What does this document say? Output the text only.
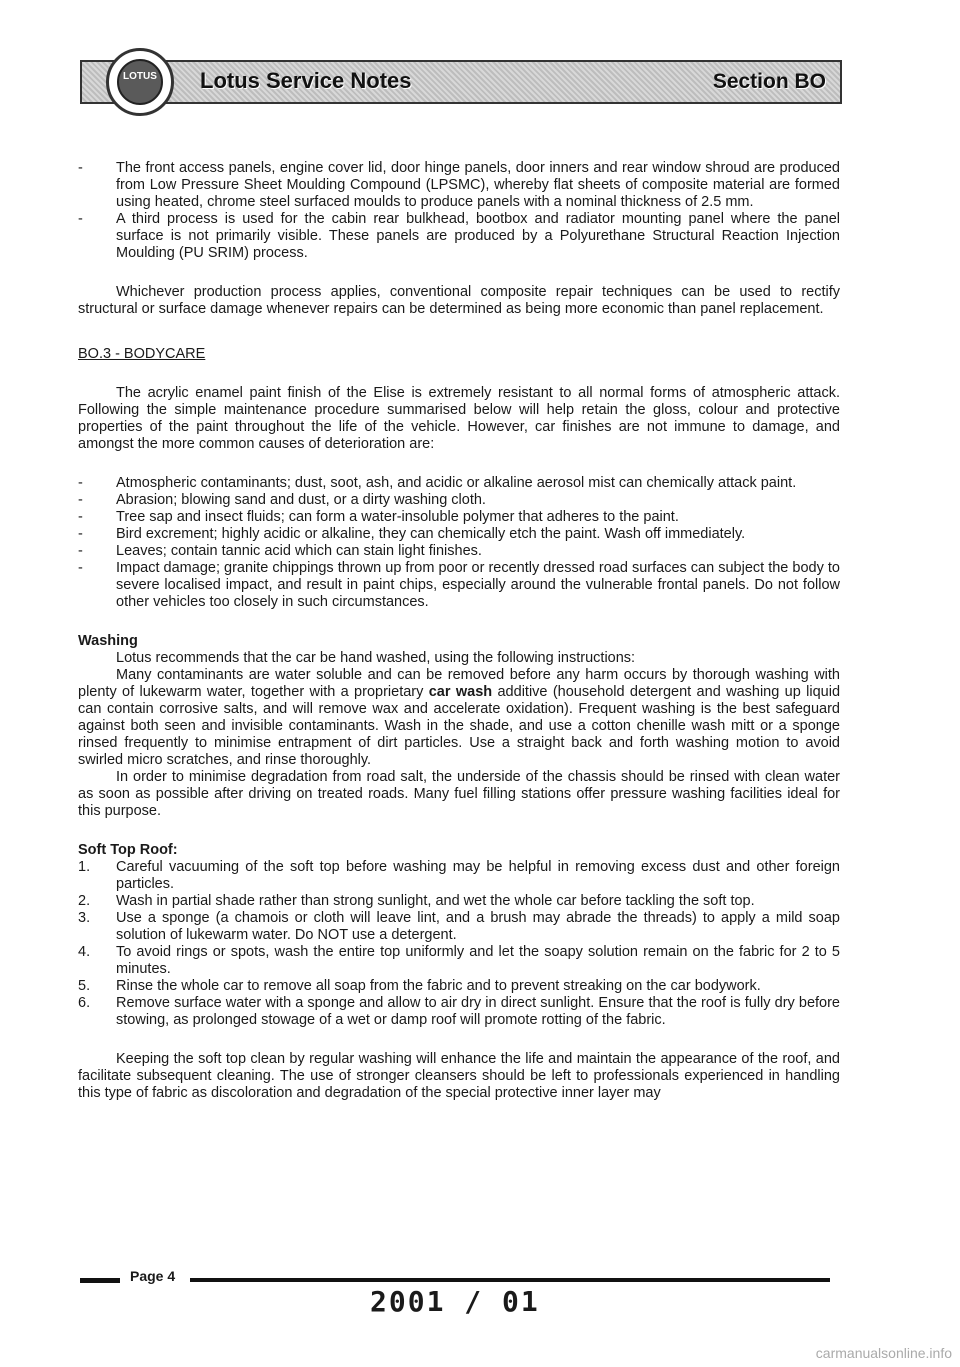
LOTUS Lotus Service Notes	Section BO
-	The front access panels, engine cover lid, door hinge panels, door inners and rear window shroud are produced from Low Pressure Sheet Moulding Compound (LPSMC), whereby flat sheets of composite material are formed using heated, chrome steel surfaced moulds to produce panels with a nominal thickness of 2.5 mm.
-	A third process is used for the cabin rear bulkhead, bootbox and radiator mounting panel where the panel surface is not primarily visible. These panels are produced by a Polyurethane Structural Reaction Injection Moulding (PU SRIM) process.

Whichever production process applies, conventional composite repair techniques can be used to rectify structural or surface damage whenever repairs can be determined as being more economic than panel replacement.

BO.3 - BODYCARE

The acrylic enamel paint finish of the Elise is extremely resistant to all normal forms of atmospheric attack. Following the simple maintenance procedure summarised below will help retain the gloss, colour and protective properties of the paint throughout the life of the vehicle. However, car finishes are not immune to damage, and amongst the more common causes of deterioration are:

-	Atmospheric contaminants; dust, soot, ash, and acidic or alkaline aerosol mist can chemically attack paint.
-	Abrasion; blowing sand and dust, or a dirty washing cloth.
-	Tree sap and insect fluids; can form a water-insoluble polymer that adheres to the paint.
-	Bird excrement; highly acidic or alkaline, they can chemically etch the paint. Wash off immediately.
-	Leaves; contain tannic acid which can stain light finishes.
-	Impact damage; granite chippings thrown up from poor or recently dressed road surfaces can subject the body to severe localised impact, and result in paint chips, especially around the vulnerable frontal panels. Do not follow other vehicles too closely in such circumstances.

Washing

Lotus recommends that the car be hand washed, using the following instructions:

Many contaminants are water soluble and can be removed before any harm occurs by thorough washing with plenty of lukewarm water, together with a proprietary car wash additive (household detergent and washing up liquid can contain corrosive salts, and will remove wax and accelerate oxidation). Frequent washing is the best safeguard against both seen and invisible contaminants. Wash in the shade, and use a cotton chenille wash mitt or a sponge rinsed frequently to minimise entrapment of dirt particles. Use a straight back and forth washing motion to avoid swirled micro scratches, and rinse thoroughly.

In order to minimise degradation from road salt, the underside of the chassis should be rinsed with clean water as soon as possible after driving on treated roads. Many fuel filling stations offer pressure washing facilities ideal for this purpose.

Soft Top Roof:

1.	Careful vacuuming of the soft top before washing may be helpful in removing excess dust and other foreign particles.
2.	Wash in partial shade rather than strong sunlight, and wet the whole car before tackling the soft top.
3.	Use a sponge (a chamois or cloth will leave lint, and a brush may abrade the threads) to apply a mild soap solution of lukewarm water. Do NOT use a detergent.
4.	To avoid rings or spots, wash the entire top uniformly and let the soapy solution remain on the fabric for 2 to 5 minutes.
5.	Rinse the whole car to remove all soap from the fabric and to prevent streaking on the car bodywork.
6.	Remove surface water with a sponge and allow to air dry in direct sunlight. Ensure that the roof is fully dry before stowing, as prolonged stowage of a wet or damp roof will promote rotting of the fabric.

Keeping the soft top clean by regular washing will enhance the life and maintain the appearance of the roof, and facilitate subsequent cleaning. The use of stronger cleansers should be left to professionals experienced in handling this type of fabric as discoloration and degradation of the special protective inner layer may

Page 4
2001 / 01
carmanualsonline.info
